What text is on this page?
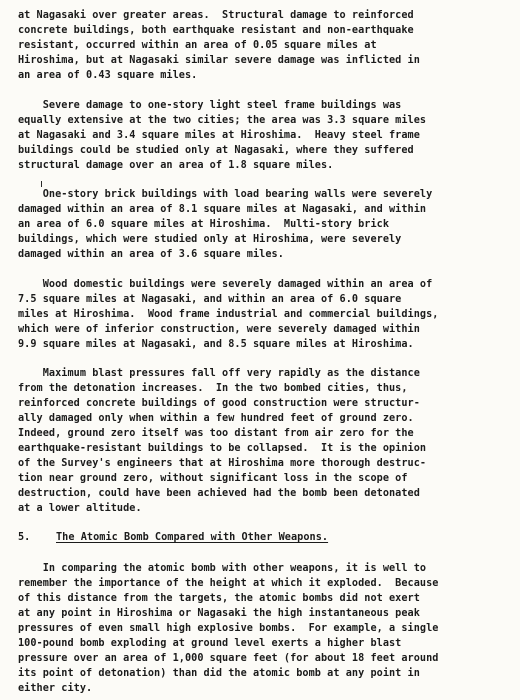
at Nagasaki over greater areas.  Structural damage to reinforced
concrete buildings, both earthquake resistant and non-earthquake
resistant, occurred within an area of 0.05 square miles at
Hiroshima, but at Nagasaki similar severe damage was inflicted in
an area of 0.43 square miles.
Severe damage to one-story light steel frame buildings was
equally extensive at the two cities; the area was 3.3 square miles
at Nagasaki and 3.4 square miles at Hiroshima.  Heavy steel frame
buildings could be studied only at Nagasaki, where they suffered
structural damage over an area of 1.8 square miles.
One-story brick buildings with load bearing walls were severely
damaged within an area of 8.1 square miles at Nagasaki, and within
an area of 6.0 square miles at Hiroshima.  Multi-story brick
buildings, which were studied only at Hiroshima, were severely
damaged within an area of 3.6 square miles.
Wood domestic buildings were severely damaged within an area of
7.5 square miles at Nagasaki, and within an area of 6.0 square
miles at Hiroshima.  Wood frame industrial and commercial buildings,
which were of inferior construction, were severely damaged within
9.9 square miles at Nagasaki, and 8.5 square miles at Hiroshima.
Maximum blast pressures fall off very rapidly as the distance
from the detonation increases.  In the two bombed cities, thus,
reinforced concrete buildings of good construction were structur-
ally damaged only when within a few hundred feet of ground zero.
Indeed, ground zero itself was too distant from air zero for the
earthquake-resistant buildings to be collapsed.  It is the opinion
of the Survey's engineers that at Hiroshima more thorough destruc-
tion near ground zero, without significant loss in the scope of
destruction, could have been achieved had the bomb been detonated
at a lower altitude.
5.	The Atomic Bomb Compared with Other Weapons.
In comparing the atomic bomb with other weapons, it is well to
remember the importance of the height at which it exploded.  Because
of this distance from the targets, the atomic bombs did not exert
at any point in Hiroshima or Nagasaki the high instantaneous peak
pressures of even small high explosive bombs.  For example, a single
100-pound bomb exploding at ground level exerts a higher blast
pressure over an area of 1,000 square feet (for about 18 feet around
its point of detonation) than did the atomic bomb at any point in
either city.
